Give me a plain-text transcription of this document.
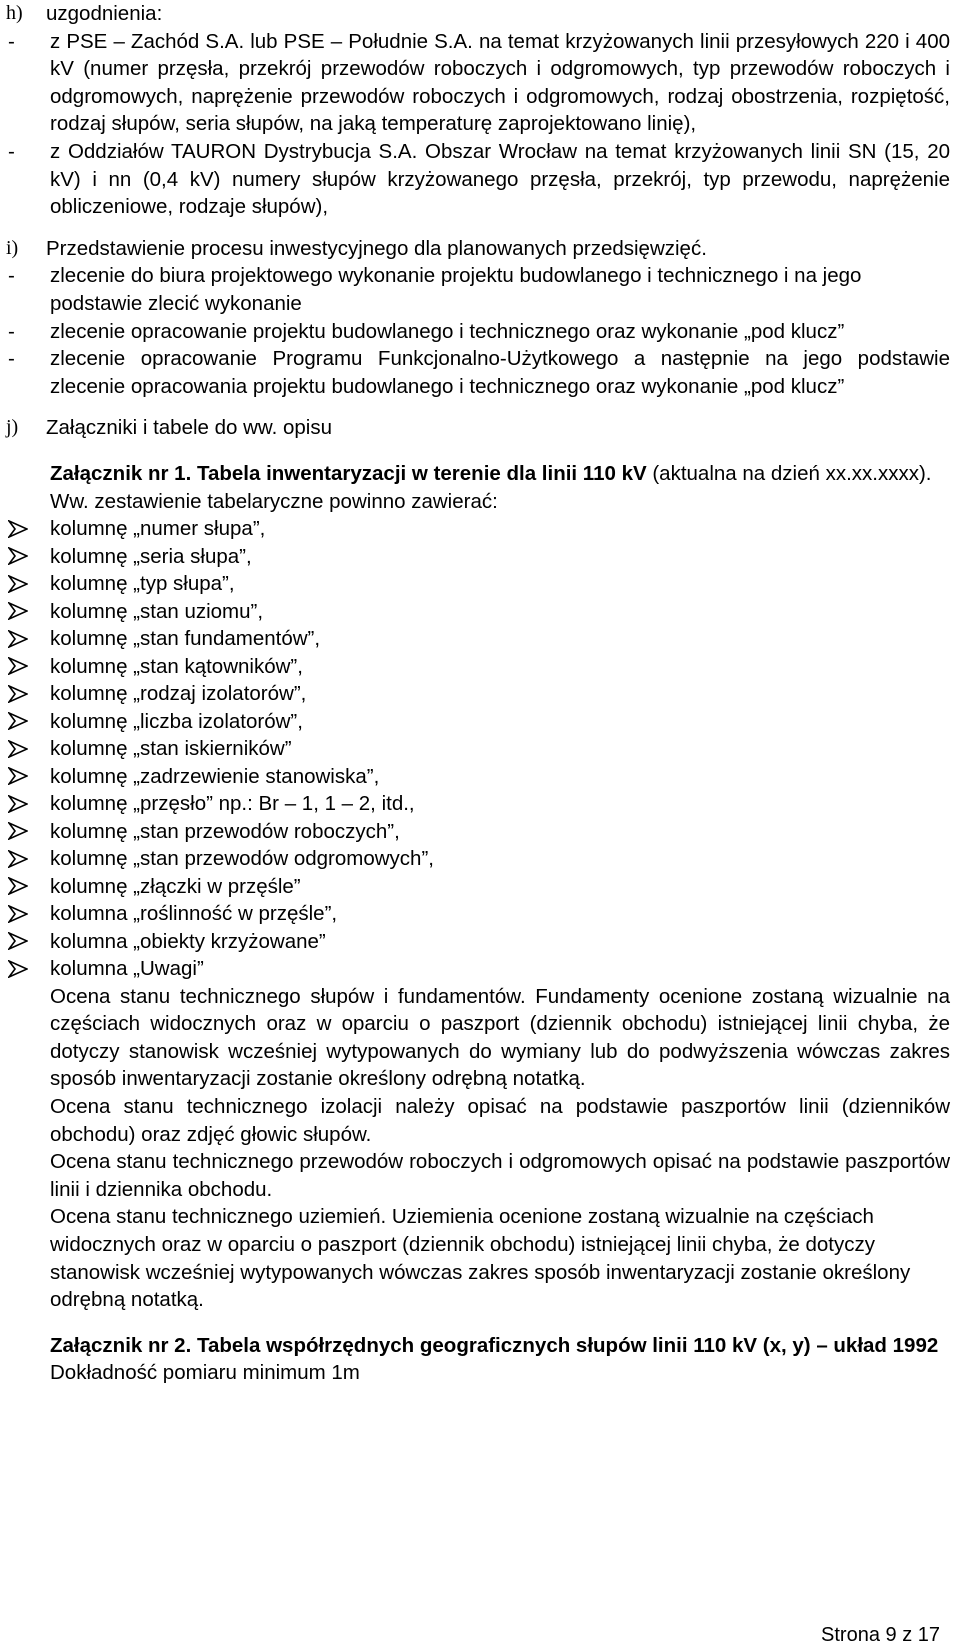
h)	uzgodnienia:
-	z PSE – Zachód S.A. lub PSE – Południe S.A. na temat krzyżowanych linii przesyłowych 220 i 400 kV (numer przęsła, przekrój przewodów roboczych i odgromowych, typ przewodów roboczych i odgromowych, naprężenie przewodów roboczych i odgromowych, rodzaj obostrzenia, rozpiętość, rodzaj słupów, seria słupów, na jaką temperaturę zaprojektowano linię),
-	z Oddziałów TAURON Dystrybucja S.A. Obszar Wrocław na temat krzyżowanych linii SN (15, 20 kV) i nn (0,4 kV) numery słupów krzyżowanego przęsła, przekrój, typ przewodu, naprężenie obliczeniowe, rodzaje słupów),
i)	Przedstawienie procesu inwestycyjnego dla planowanych przedsięwzięć.
-	zlecenie do biura projektowego wykonanie projektu budowlanego i technicznego i na jego podstawie zlecić wykonanie
-	zlecenie opracowanie projektu budowlanego i technicznego oraz wykonanie „pod klucz”
-	zlecenie opracowanie Programu Funkcjonalno-Użytkowego a następnie na jego podstawie zlecenie opracowania projektu budowlanego i technicznego oraz wykonanie „pod klucz”
j)	Załączniki i tabele do ww. opisu
Załącznik nr 1. Tabela inwentaryzacji w terenie dla linii 110 kV (aktualna na dzień xx.xx.xxxx).
Ww. zestawienie tabelaryczne powinno zawierać:
kolumnę „numer słupa”,
kolumnę „seria słupa”,
kolumnę „typ słupa”,
kolumnę „stan uziomu”,
kolumnę „stan fundamentów”,
kolumnę „stan kątowników”,
kolumnę „rodzaj izolatorów”,
kolumnę „liczba izolatorów”,
kolumnę „stan iskierników”
kolumnę „zadrzewienie stanowiska”,
kolumnę „przęsło” np.: Br – 1, 1 – 2, itd.,
kolumnę „stan przewodów roboczych”,
kolumnę „stan przewodów odgromowych”,
kolumnę „złączki w przęśle”
kolumna „roślinność w przęśle”,
kolumna „obiekty krzyżowane”
kolumna „Uwagi”
Ocena stanu technicznego słupów i fundamentów. Fundamenty ocenione zostaną wizualnie na częściach widocznych oraz w oparciu o paszport (dziennik obchodu) istniejącej linii chyba, że dotyczy stanowisk wcześniej wytypowanych do wymiany lub do podwyższenia wówczas zakres sposób inwentaryzacji zostanie określony odrębną notatką.
Ocena stanu technicznego izolacji należy opisać na podstawie paszportów linii (dzienników obchodu) oraz zdjęć głowic słupów.
Ocena stanu technicznego przewodów roboczych i odgromowych opisać na podstawie paszportów linii i dziennika obchodu.
Ocena stanu technicznego uziemień. Uziemienia ocenione zostaną wizualnie na częściach widocznych oraz w oparciu o paszport (dziennik obchodu) istniejącej linii chyba, że dotyczy stanowisk wcześniej wytypowanych wówczas zakres sposób inwentaryzacji zostanie określony odrębną notatką.
Załącznik nr 2. Tabela współrzędnych geograficznych słupów linii 110 kV (x, y) – układ 1992
Dokładność pomiaru minimum 1m
Strona 9 z 17
